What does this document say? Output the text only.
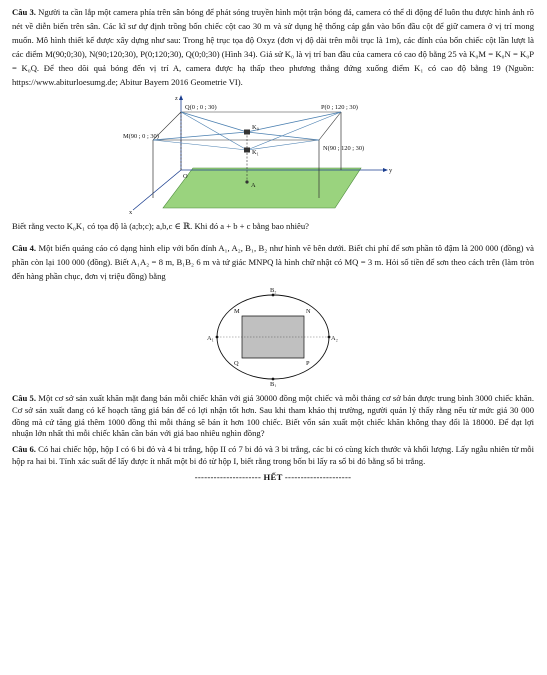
Câu 3. Người ta cần lắp một camera phía trên sân bóng để phát sóng truyền hình một trận bóng đá, camera có thể di động để luôn thu được hình ảnh rõ nét về diễn biến trên sân. Các kĩ sư dự định trồng bốn chiếc cột cao 30 m và sử dụng hệ thống cáp gắn vào bốn đầu cột để giữ camera ở vị trí mong muốn. Mô hình thiết kế được xây dựng như sau: Trong hệ trục tọa độ Oxyz (đơn vị độ dài trên mỗi trục là 1m), các đỉnh của bốn chiếc cột lần lượt là các điểm M(90;0;30), N(90;120;30), P(0;120;30), Q(0;0;30) (Hình 34). Giả sử K₀ là vị trí ban đầu của camera có cao độ bằng 25 và K₀M = K₀N = K₀P = K₀Q. Để theo dõi quả bóng đến vị trí A, camera được hạ thấp theo phương thẳng đứng xuống điểm K₁ có cao độ bằng 19 (Nguồn: https://www.abiturloesumg.de; Abitur Bayern 2016 Geometrie VI).

z
y
x
Q(0 ; 0 ; 30)	P(0 ; 120 ; 30)
M(90 ; 0 ; 30)
N(90 ; 120 ; 30)
K₀
K₁
A
O

Biết rằng vecto K₀K₁ có tọa độ là (a;b;c); a,b,c ∈ ℝ. Khi đó a + b + c bằng bao nhiêu?

Câu 4. Một biển quảng cáo có dạng hình elip với bốn đỉnh A₁, A₂, B₁, B₂ như hình vẽ bên dưới. Biết chi phí để sơn phần tô đậm là 200 000 (đồng) và phần còn lại 100 000 (đồng). Biết A₁A₂ = 8 m, B₁B₂ 6 m và tứ giác MNPQ là hình chữ nhật có MQ = 3 m. Hỏi số tiền để sơn theo cách trên (làm tròn đến hàng phần chục, đơn vị triệu đồng) bằng

B₂
B₁
A₁	A₂
M	N
P
Q

Câu 5. Một cơ sở sản xuất khăn mặt đang bán mỗi chiếc khăn với giá 30000 đồng một chiếc và mỗi tháng cơ sở bán được trung bình 3000 chiếc khăn. Cơ sở sản xuất đang có kế hoạch tăng giá bán để có lợi nhận tốt hơn. Sau khi tham khảo thị trường, người quản lý thấy rằng nếu từ mức giá 30 000 đồng mà cứ tăng giá thêm 1000 đồng thì mỗi tháng sẽ bán ít hơn 100 chiếc. Biết vốn sản xuất một chiếc khăn không thay đổi là 18000. Để đạt lợi nhuận lớn nhất thì mỗi chiếc khăn cần bán với giá bao nhiêu nghìn đồng?

Câu 6. Có hai chiếc hộp, hộp I có 6 bi đỏ và 4 bi trắng, hộp II có 7 bi đỏ và 3 bi trắng, các bi có cùng kích thước và khối lượng. Lấy ngẫu nhiên từ mỗi hộp ra hai bi. Tính xác suất để lấy được ít nhất một bi đỏ từ hộp I, biết rằng trong bốn bi lấy ra số bi đỏ bằng số bi trắng.

--------------------- HẾT ---------------------
